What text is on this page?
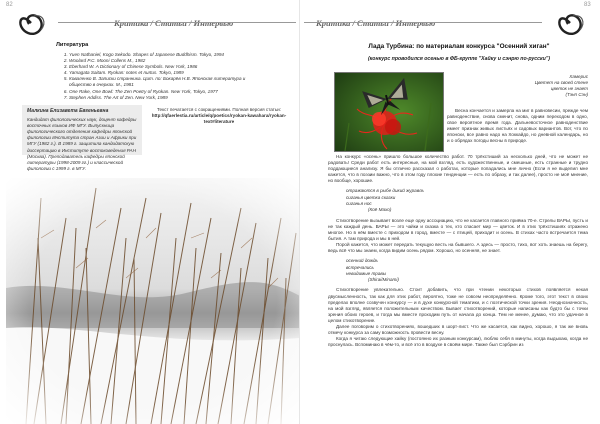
82
Критика / Статьи / Интервью
Литература
1. Yuen Nathaniel, Kogo Sekodo. Shapes of Japanese Buddhism. Tokyo, 1994
2. Woolard P.C. Mooni Collens M., 1982
3. Eberhard W. A Dictionary of Chinese Symbols. New York, 1986
4. Yamagata Saitam. Ryokan: notes et nurtus. Tokyo, 1989
5. Коваленко В. Записки странника. Цит. по: Бокарёв Н.В. Японская литература и общество в очерках. М., 1981
6. One Rake, One Bowl: The Zen Poetry of Ryokan. New York, Tokyo, 1977
7. Stephen Addiss. The Art of Zen. New York, 1989
Малкина Елизавета Евгеньевна
Кандидат филологических наук, доцент кафедры восточных языков ИФ МГУ. Выпускница филологического отделения кафедры японской филологии Института стран Азии и Африки при МГУ (1982 г.). В 1989 г. защитила кандидатскую диссертацию в Институте востоковедения РАН (Москва). Преподаватель кафедры японской литературы (1998-2009 гг.) и классической филологии с 1999 г. в МГУ.
Текст печатается с сокращениями. Полная версия статьи:
http://qfaerlestia.ru/article/q/poetics/ryokan-kawahara/ryokan-text#literature
83
Критика / Статьи / Интервью
Лада Турбина: по материалам конкурса "Осенний хиган"
(конкурс проводился осенью в ФБ-группе "Хайку и сэнрю по-русски")
Хамерис
Цветет на своей стене
цветок не знает
(Тэнп Сэн)

Весна кончается и замерла на миг в равновесии, прежде чем равноденствие, снова сменит, снова, одним переходом в одно, свое вероятное время года. Дальневосточное равноденствие имеет признак живых листьях и садовых вариантов. Вот, что по японски, все равно надо на Хоккайдо, но дневной календарь, но и о обрядах погоды весны в природе.

На конкурс «осень» пришло большое количество работ. 70 трёхстиший за несколько дней, что не может не радовать! Среди работ есть интересные, на мой взгляд, есть художественные, и смешные, есть странные и трудно поддающиеся анализу. Я бы отлично рассказал о работах, которые попадались мне лично (Если я не выделил мне кажется, что в поэзии важно, что в этом году плохие тенденции — есть по образу, и так далее), просто не моё мнение, но вообще, хорошие.

отражаются в рыбе дикий журавль
сиганья цветка сказки
сиганья нос
(Коё Махо)

Стихотворение вызывает возле еще одну ассоциацию, что не касается главного приёма 70-е. Стрелы ВАРЫ, пусть и не так каждый день. ВАРЫ — это чайки и сказка о тех, кто спасает мир — цветок. И в этих трёхстишиях отражено многое. Но в нём вместе с приходом в город, вместе — с птицей, приходит и осень. В стихах часто встречается тема бытия. А там природа и мы в ней.

Порой кажется, что может передать текущую весть на бывшего. А здесь — просто, тихо, вот хоть знаешь на берегу, ведь всё что мы знаем, когда видим осень рядом. Хорошо, но осенняя, не знает.

осенний дождь
встречались
невидимые травы
(Shirai/Minami)

Стихотворение увлекательно. Стоит добавить, что при чтении некоторых стихов появляется некая двусмысленность, так как для этих работ, вероятно, тоже не совсем неопределённо. Кроме того, этот текст в своих пределах вполне созвучен конкурсу — и в духе конкурсной тематики, и с поэтической точки зрения. Неоднозначность, на мой взгляд, является положительным качеством. Бывает стихотворений, которые написаны как будто бы с точки зрения обоих героев, и тогда мы вместе проходим путь от начала до конца. Тем не менее, думаю, что это удачное в целом стихотворение.

Далее поговорим о стихотворениях, вошедших в шорт-лист. Что же касается, как видно, хорошо, я так же вновь отмечу конкурса за саму возможность провести весну.

Когда я читаю следующие хайку (постоянно их разным конкурсам), люблю себя в минуты, когда выдыхаю, когда не проснулась. Вспоминаю в чём-то, и всё это в воздухе в своём мире. Также был Сэрбрин из
